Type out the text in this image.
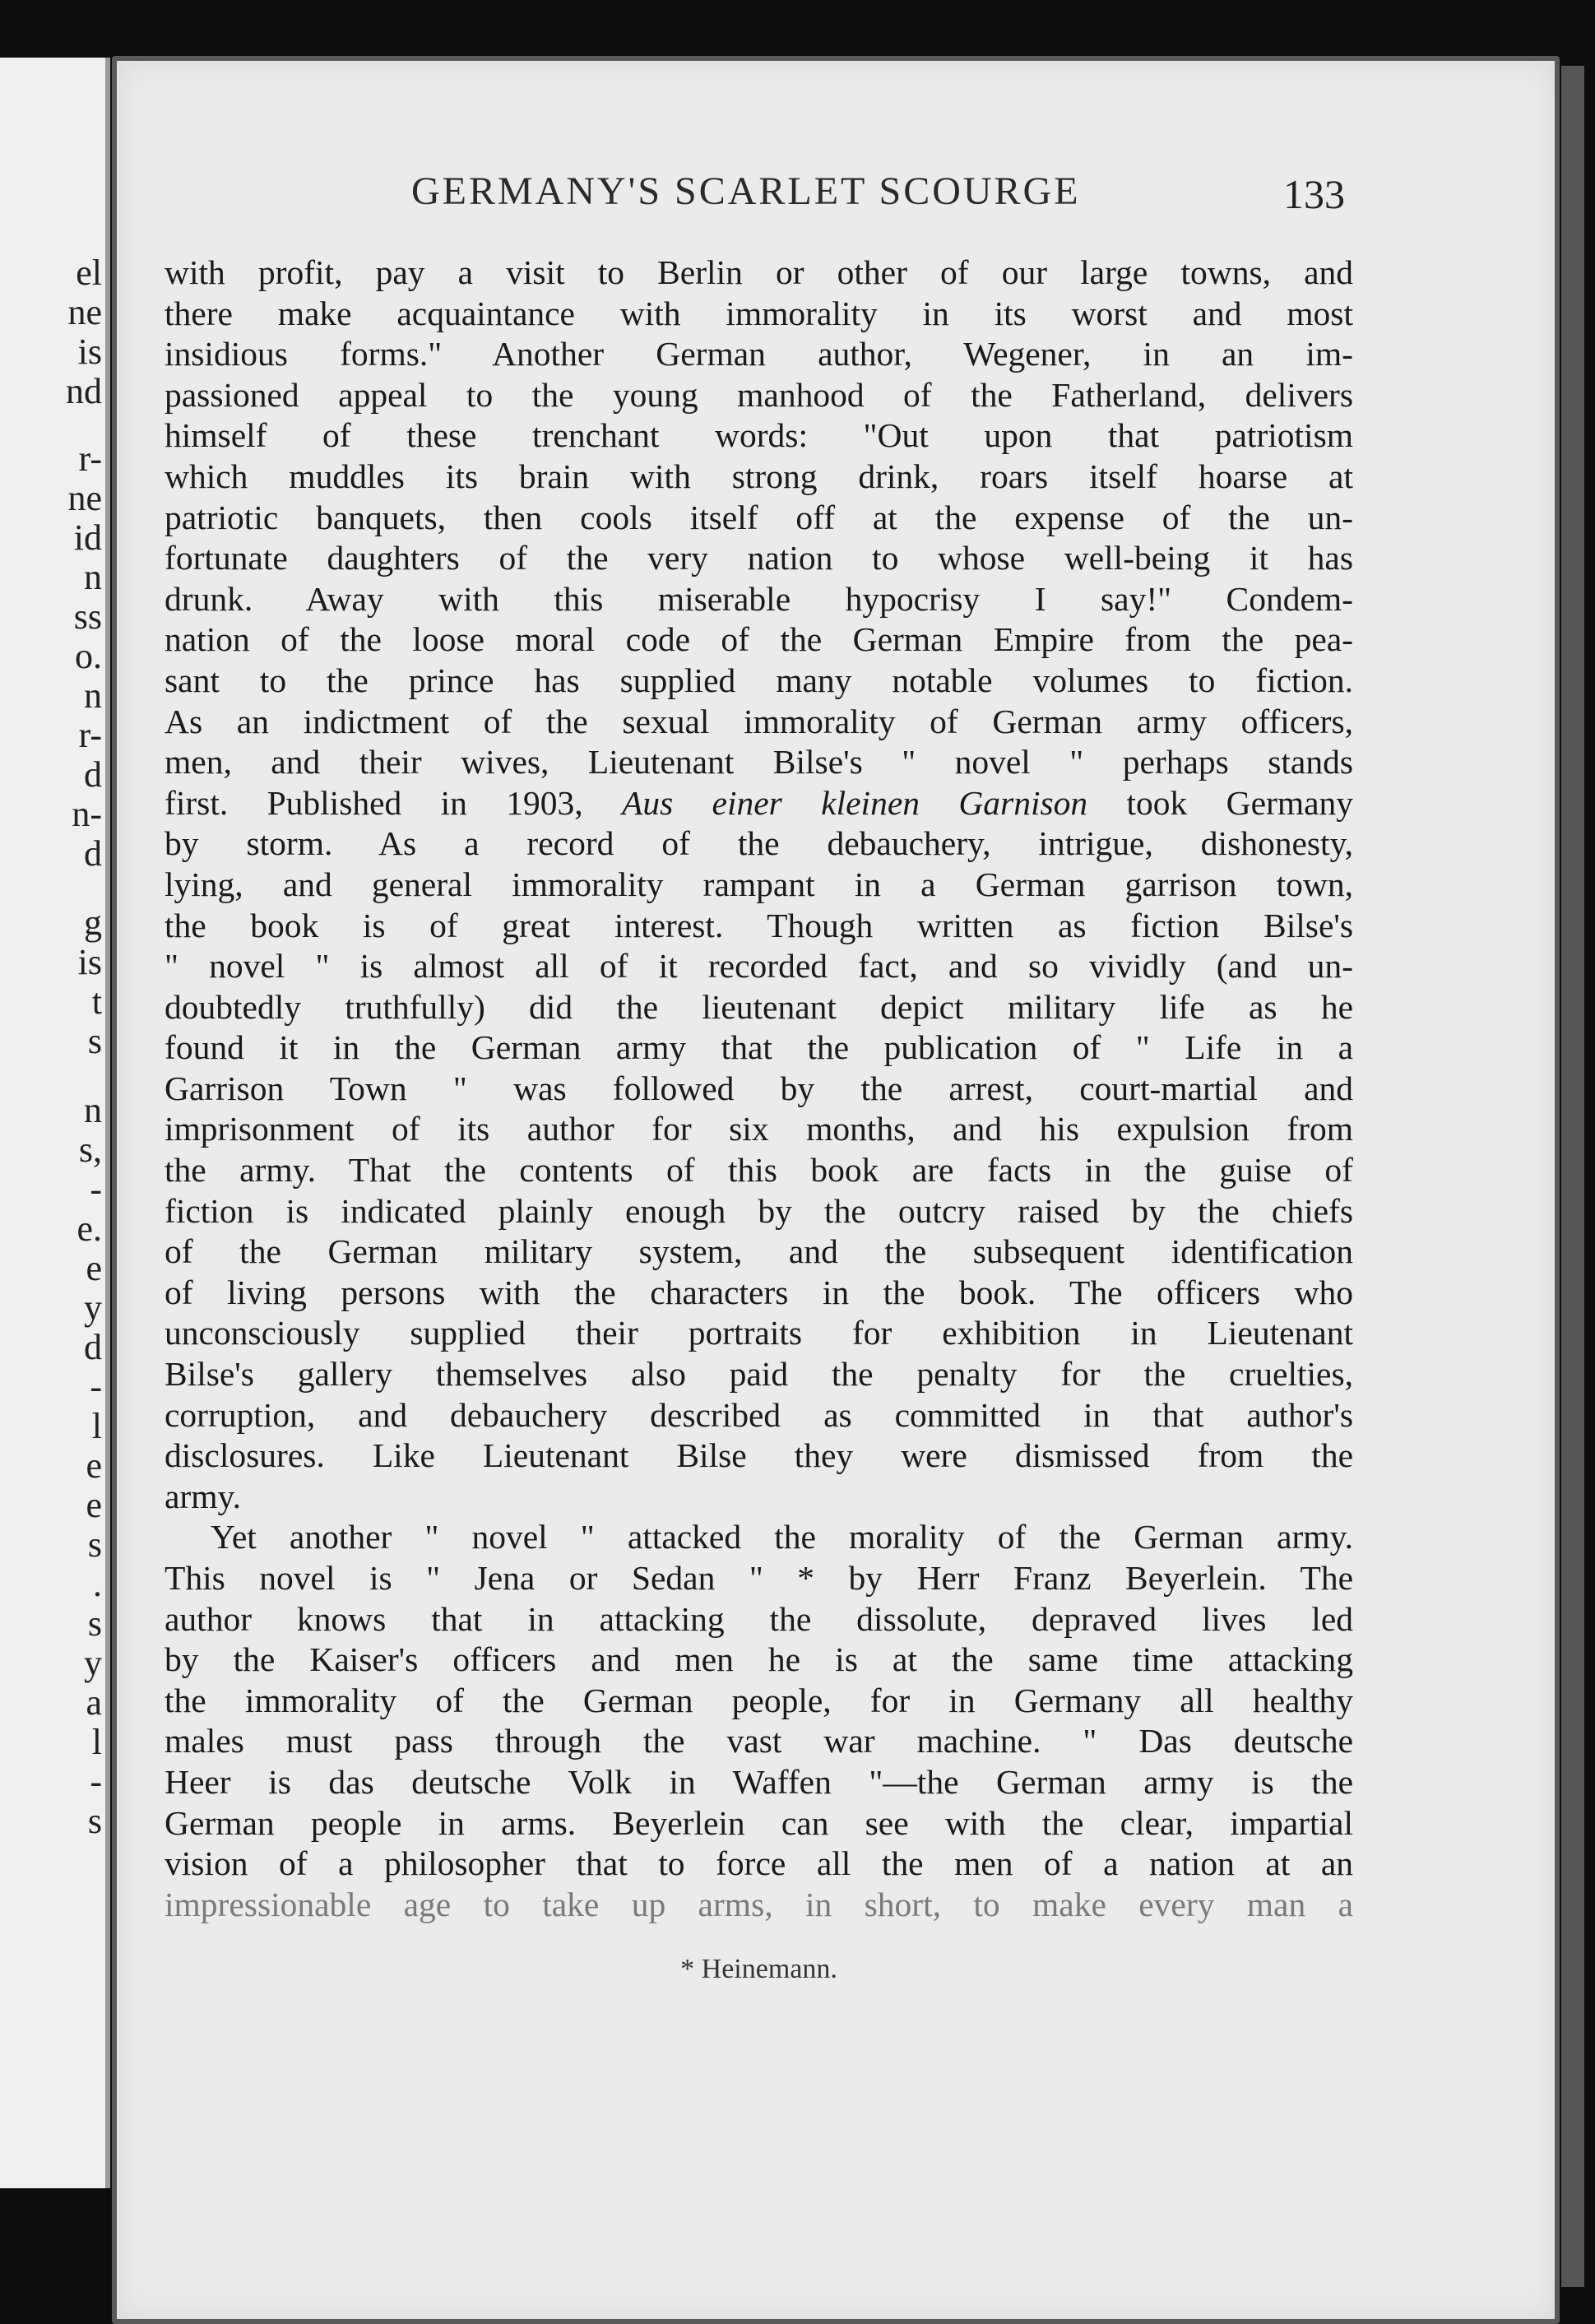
el
ne
is
nd
r-
ne
id
n
ss
o.
n
r-
d
n-
d
g
is
t
s
n
s,
-
e.
e
y
d
-
l
e
e
s
.
s
y
a
l
-
s
GERMANY'S SCARLET SCOURGE	133
with profit, pay a visit to Berlin or other of our large towns, and
there make acquaintance with immorality in its worst and most
insidious forms." Another German author, Wegener, in an im-
passioned appeal to the young manhood of the Fatherland, delivers
himself of these trenchant words: "Out upon that patriotism
which muddles its brain with strong drink, roars itself hoarse at
patriotic banquets, then cools itself off at the expense of the un-
fortunate daughters of the very nation to whose well-being it has
drunk. Away with this miserable hypocrisy I say!" Condem-
nation of the loose moral code of the German Empire from the pea-
sant to the prince has supplied many notable volumes to fiction.
As an indictment of the sexual immorality of German army officers,
men, and their wives, Lieutenant Bilse's " novel " perhaps stands
first. Published in 1903, Aus einer kleinen Garnison took Germany
by storm. As a record of the debauchery, intrigue, dishonesty,
lying, and general immorality rampant in a German garrison town,
the book is of great interest. Though written as fiction Bilse's
" novel " is almost all of it recorded fact, and so vividly (and un-
doubtedly truthfully) did the lieutenant depict military life as he
found it in the German army that the publication of " Life in a
Garrison Town " was followed by the arrest, court-martial and
imprisonment of its author for six months, and his expulsion from
the army. That the contents of this book are facts in the guise of
fiction is indicated plainly enough by the outcry raised by the chiefs
of the German military system, and the subsequent identification
of living persons with the characters in the book. The officers who
unconsciously supplied their portraits for exhibition in Lieutenant
Bilse's gallery themselves also paid the penalty for the cruelties,
corruption, and debauchery described as committed in that author's
disclosures. Like Lieutenant Bilse they were dismissed from the
army.
Yet another " novel " attacked the morality of the German army.
This novel is " Jena or Sedan " * by Herr Franz Beyerlein. The
author knows that in attacking the dissolute, depraved lives led
by the Kaiser's officers and men he is at the same time attacking
the immorality of the German people, for in Germany all healthy
males must pass through the vast war machine. " Das deutsche
Heer is das deutsche Volk in Waffen "—the German army is the
German people in arms. Beyerlein can see with the clear, impartial
vision of a philosopher that to force all the men of a nation at an
impressionable age to take up arms, in short, to make every man a
* Heinemann.
